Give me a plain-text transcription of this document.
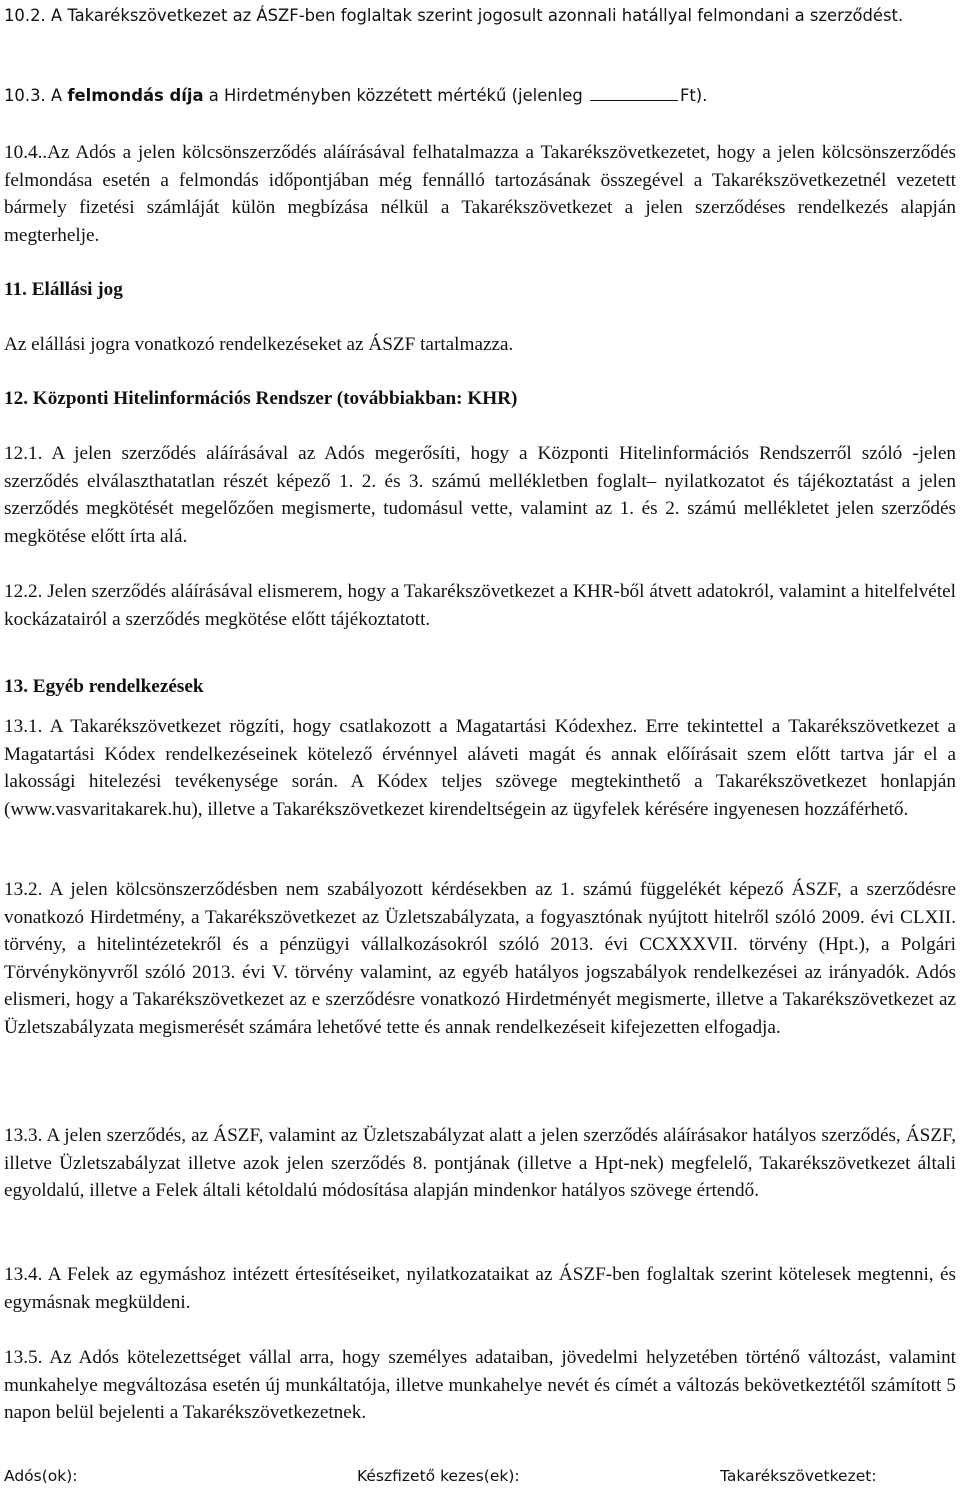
10.2. A Takarékszövetkezet az ÁSZF-ben foglaltak szerint jogosult azonnali hatállyal felmondani a szerződést.
10.3. A felmondás díja a Hirdetményben közzétett mértékű (jelenleg	Ft).
10.4..Az Adós a jelen kölcsönszerződés aláírásával felhatalmazza a Takarékszövetkezetet, hogy a jelen kölcsönszerződés felmondása esetén a felmondás időpontjában még fennálló tartozásának összegével a Takarékszövetkezetnél vezetett bármely fizetési számláját külön megbízása nélkül a Takarékszövetkezet a jelen szerződéses rendelkezés alapján megterhelje.
11. Elállási jog
Az elállási jogra vonatkozó rendelkezéseket az ÁSZF tartalmazza.
12. Központi Hitelinformációs Rendszer (továbbiakban: KHR)
12.1. A jelen szerződés aláírásával az Adós megerősíti, hogy a Központi Hitelinformációs Rendszerről szóló -jelen szerződés elválaszthatatlan részét képező 1. 2. és 3. számú mellékletben foglalt– nyilatkozatot és tájékoztatást a jelen szerződés megkötését megelőzően megismerte, tudomásul vette, valamint az 1. és 2. számú mellékletet jelen szerződés megkötése előtt írta alá.
12.2. Jelen szerződés aláírásával elismerem, hogy a Takarékszövetkezet a KHR-ből átvett adatokról, valamint a hitelfelvétel kockázatairól a szerződés megkötése előtt tájékoztatott.
13. Egyéb rendelkezések
13.1. A Takarékszövetkezet rögzíti, hogy csatlakozott a Magatartási Kódexhez. Erre tekintettel a Takarékszövetkezet a Magatartási Kódex rendelkezéseinek kötelező érvénnyel aláveti magát és annak előírásait szem előtt tartva jár el a lakossági hitelezési tevékenysége során. A Kódex teljes szövege megtekinthető a Takarékszövetkezet honlapján (www.vasvaritakarek.hu), illetve a Takarékszövetkezet kirendeltségein az ügyfelek kérésére ingyenesen hozzáférhető.
13.2. A jelen kölcsönszerződésben nem szabályozott kérdésekben az 1. számú függelékét képező ÁSZF, a szerződésre vonatkozó Hirdetmény, a Takarékszövetkezet az Üzletszabályzata, a fogyasztónak nyújtott hitelről szóló 2009. évi CLXII. törvény, a hitelintézetekről és a pénzügyi vállalkozásokról szóló 2013. évi CCXXXVII. törvény (Hpt.), a Polgári Törvénykönyvről szóló 2013. évi V. törvény valamint, az egyéb hatályos jogszabályok rendelkezései az irányadók. Adós elismeri, hogy a Takarékszövetkezet az e szerződésre vonatkozó Hirdetményét megismerte, illetve a Takarékszövetkezet az Üzletszabályzata megismerését számára lehetővé tette és annak rendelkezéseit kifejezetten elfogadja.
13.3. A jelen szerződés, az ÁSZF, valamint az Üzletszabályzat alatt a jelen szerződés aláírásakor hatályos szerződés, ÁSZF, illetve Üzletszabályzat illetve azok jelen szerződés 8. pontjának (illetve a Hpt-nek) megfelelő, Takarékszövetkezet általi egyoldalú, illetve a Felek általi kétoldalú módosítása alapján mindenkor hatályos szövege értendő.
13.4. A Felek az egymáshoz intézett értesítéseiket, nyilatkozataikat az ÁSZF-ben foglaltak szerint kötelesek megtenni, és egymásnak megküldeni.
13.5. Az Adós kötelezettséget vállal arra, hogy személyes adataiban, jövedelmi helyzetében történő változást, valamint munkahelye megváltozása esetén új munkáltatója, illetve munkahelye nevét és címét a változás bekövetkeztétől számított 5 napon belül bejelenti a Takarékszövetkezetnek.
Adós(ok):	Készfizető kezes(ek):	Takarékszövetkezet:
